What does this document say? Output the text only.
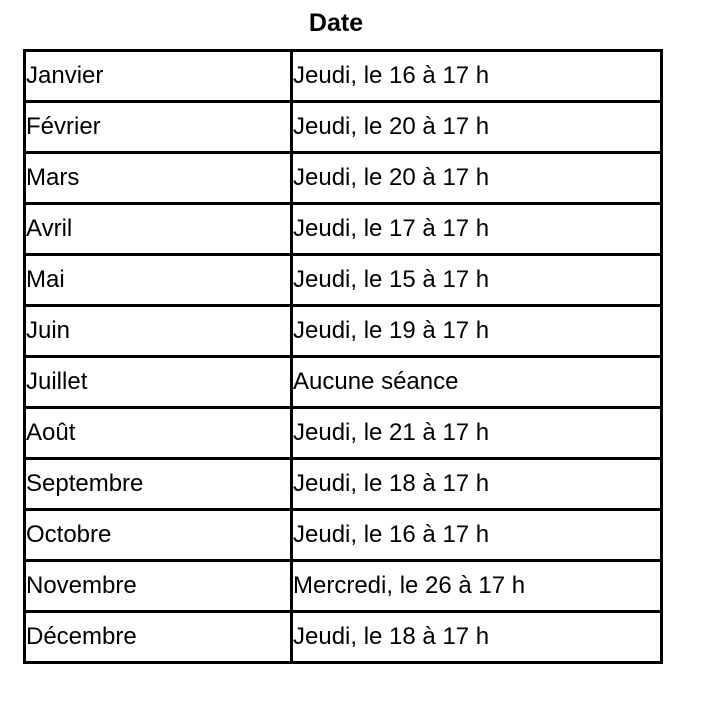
Date
Janvier	Jeudi, le 16 à 17 h
Février	Jeudi, le 20 à 17 h
Mars	Jeudi, le 20 à 17 h
Avril	Jeudi, le 17 à 17 h
Mai	Jeudi, le 15 à 17 h
Juin	Jeudi, le 19 à 17 h
Juillet	Aucune séance
Août	Jeudi, le 21 à 17 h
Septembre	Jeudi, le 18 à 17 h
Octobre	Jeudi, le 16 à 17 h
Novembre	Mercredi, le 26 à 17 h
Décembre	Jeudi, le 18 à 17 h
